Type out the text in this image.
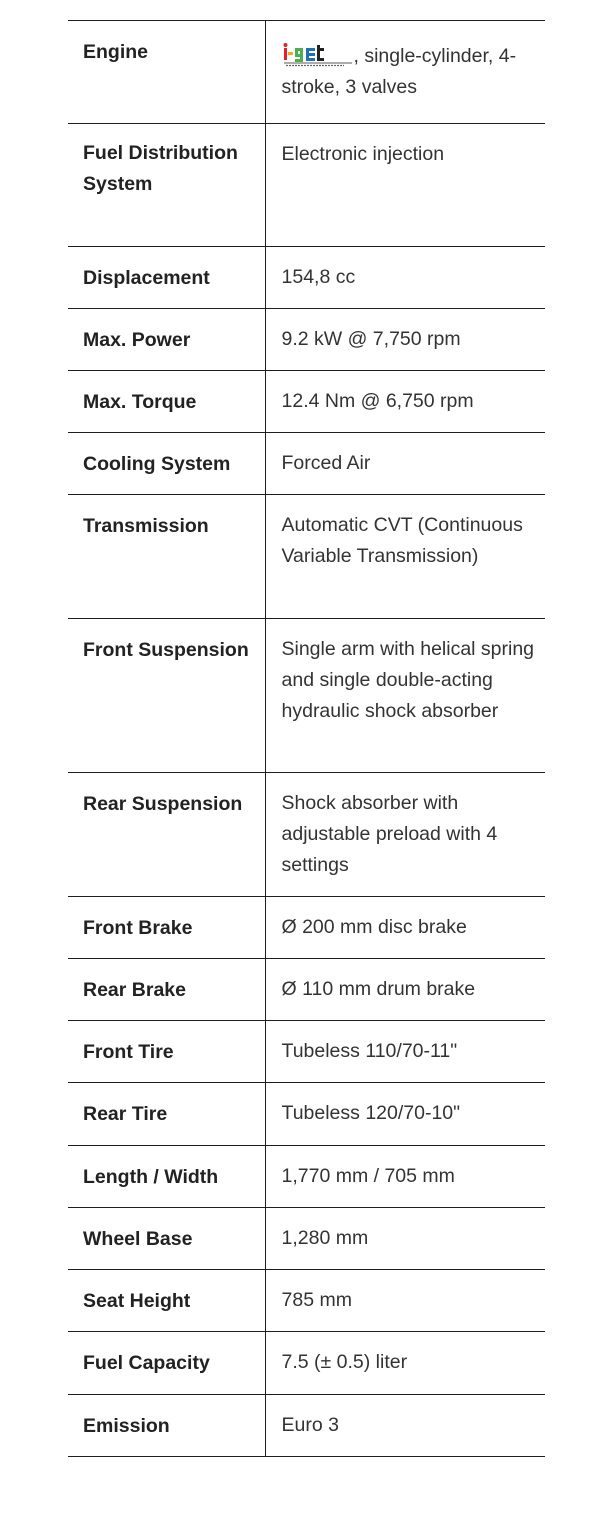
Engine	, single-cylinder, 4-stroke, 3 valves
Fuel Distribution System	Electronic injection
Displacement	154,8 cc
Max. Power	9.2 kW @ 7,750 rpm
Max. Torque	12.4 Nm @ 6,750 rpm
Cooling System	Forced Air
Transmission	Automatic CVT (Continuous Variable Transmission)
Front Suspension	Single arm with helical spring and single double-acting hydraulic shock absorber
Rear Suspension	Shock absorber with adjustable preload with 4 settings
Front Brake	Ø 200 mm disc brake
Rear Brake	Ø 110 mm drum brake
Front Tire	Tubeless 110/70-11"
Rear Tire	Tubeless 120/70-10"
Length / Width	1,770 mm / 705 mm
Wheel Base	1,280 mm
Seat Height	785 mm
Fuel Capacity	7.5 (± 0.5) liter
Emission	Euro 3
